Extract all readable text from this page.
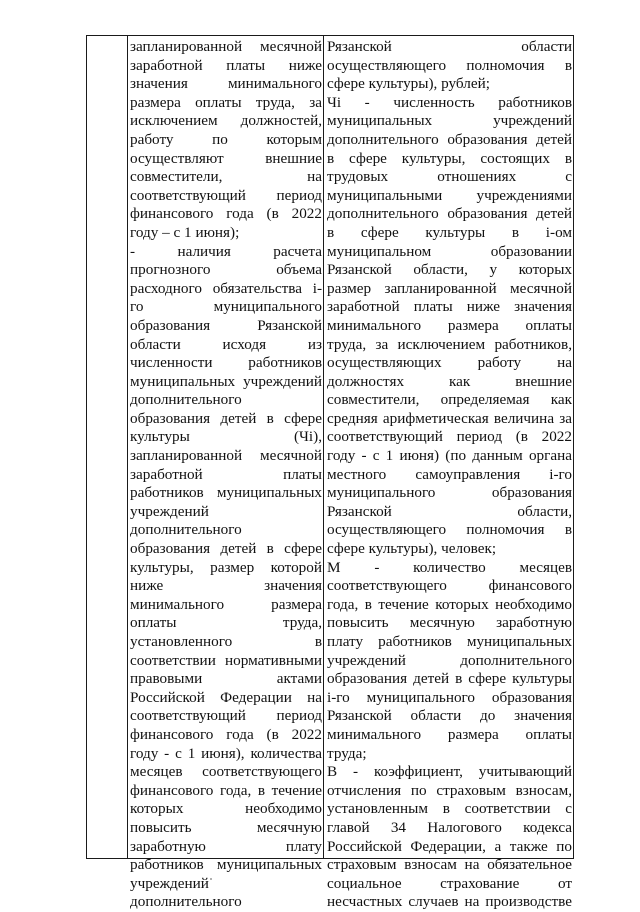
запланированной месячной
заработной платы ниже
значения минимального
размера оплаты труда, за
исключением должностей,
работу по которым
осуществляют внешние
совместители, на
соответствующий период
финансового года (в 2022
году – с 1 июня);
- наличия расчета
прогнозного объема
расходного обязательства i-
го муниципального
образования Рязанской
области исходя из
численности работников
муниципальных учреждений
дополнительного
образования детей в сфере
культуры (Чi),
запланированной месячной
заработной платы
работников муниципальных
учреждений
дополнительного
образования детей в сфере
культуры, размер которой
ниже значения
минимального размера
оплаты труда,
установленного в
соответствии нормативными
правовыми актами
Российской Федерации на
соответствующий период
финансового года (в 2022
году - с 1 июня), количества
месяцев соответствующего
финансового года, в течение
которых необходимо
повысить месячную
заработную плату
работников муниципальных
учреждений
дополнительного
Рязанской области
осуществляющего полномочия в
сфере культуры), рублей;
Чi - численность работников
муниципальных учреждений
дополнительного образования детей
в сфере культуры, состоящих в
трудовых отношениях с
муниципальными учреждениями
дополнительного образования детей
в сфере культуры в i-ом
муниципальном образовании
Рязанской области, у которых
размер запланированной месячной
заработной платы ниже значения
минимального размера оплаты
труда, за исключением работников,
осуществляющих работу на
должностях как внешние
совместители, определяемая как
средняя арифметическая величина за
соответствующий период (в 2022
году - с 1 июня) (по данным органа
местного самоуправления i-го
муниципального образования
Рязанской области,
осуществляющего полномочия в
сфере культуры), человек;
М - количество месяцев
соответствующего финансового
года, в течение которых необходимо
повысить месячную заработную
плату работников муниципальных
учреждений дополнительного
образования детей в сфере культуры
i-го муниципального образования
Рязанской области до значения
минимального размера оплаты
труда;
В - коэффициент, учитывающий
отчисления по страховым взносам,
установленным в соответствии с
главой 34 Налогового кодекса
Российской Федерации, а также по
страховым взносам на обязательное
социальное страхование от
несчастных случаев на производстве
